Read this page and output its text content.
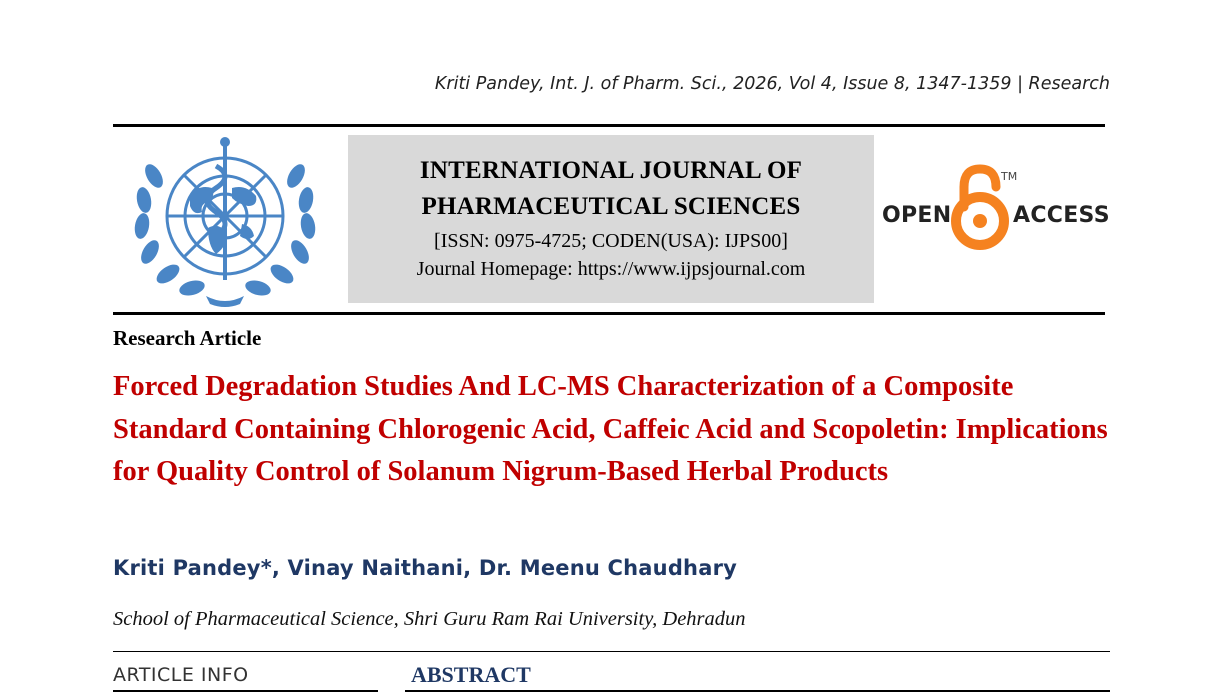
Kriti Pandey, Int. J. of Pharm. Sci., 2026, Vol 4, Issue 8, 1347-1359 | Research
INTERNATIONAL JOURNAL OF
PHARMACEUTICAL SCIENCES
[ISSN: 0975-4725; CODEN(USA): IJPS00]
Journal Homepage: https://www.ijpsjournal.com
OPEN	ACCESS
TM
Research Article
Forced Degradation Studies And LC-MS Characterization of a Composite Standard Containing Chlorogenic Acid, Caffeic Acid and Scopoletin: Implications for Quality Control of Solanum Nigrum-Based Herbal Products
Kriti Pandey*, Vinay Naithani, Dr. Meenu Chaudhary
School of Pharmaceutical Science, Shri Guru Ram Rai University, Dehradun
ARTICLE INFO	ABSTRACT
